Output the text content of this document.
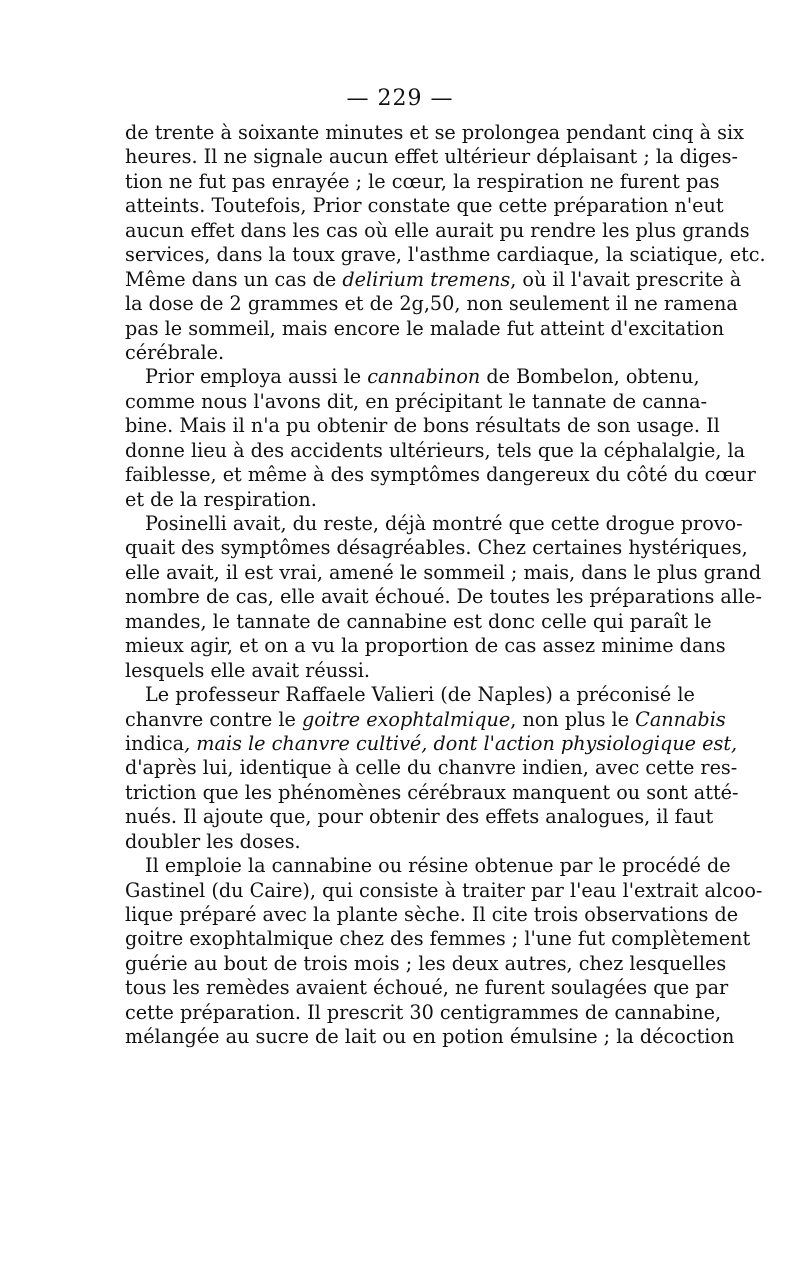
— 229 —
de trente à soixante minutes et se prolongea pendant cinq à six
heures. Il ne signale aucun effet ultérieur déplaisant ; la diges-
tion ne fut pas enrayée ; le cœur, la respiration ne furent pas
atteints. Toutefois, Prior constate que cette préparation n'eut
aucun effet dans les cas où elle aurait pu rendre les plus grands
services, dans la toux grave, l'asthme cardiaque, la sciatique, etc.
Même dans un cas de delirium tremens, où il l'avait prescrite à
la dose de 2 grammes et de 2g,50, non seulement il ne ramena
pas le sommeil, mais encore le malade fut atteint d'excitation
cérébrale.
Prior employa aussi le cannabinon de Bombelon, obtenu,
comme nous l'avons dit, en précipitant le tannate de canna-
bine. Mais il n'a pu obtenir de bons résultats de son usage. Il
donne lieu à des accidents ultérieurs, tels que la céphalalgie, la
faiblesse, et même à des symptômes dangereux du côté du cœur
et de la respiration.
Posinelli avait, du reste, déjà montré que cette drogue provo-
quait des symptômes désagréables. Chez certaines hystériques,
elle avait, il est vrai, amené le sommeil ; mais, dans le plus grand
nombre de cas, elle avait échoué. De toutes les préparations alle-
mandes, le tannate de cannabine est donc celle qui paraît le
mieux agir, et on a vu la proportion de cas assez minime dans
lesquels elle avait réussi.
Le professeur Raffaele Valieri (de Naples) a préconisé le
chanvre contre le goitre exophtalmique, non plus le Cannabis
indica, mais le chanvre cultivé, dont l'action physiologique est,
d'après lui, identique à celle du chanvre indien, avec cette res-
triction que les phénomènes cérébraux manquent ou sont atté-
nués. Il ajoute que, pour obtenir des effets analogues, il faut
doubler les doses.
Il emploie la cannabine ou résine obtenue par le procédé de
Gastinel (du Caire), qui consiste à traiter par l'eau l'extrait alcoo-
lique préparé avec la plante sèche. Il cite trois observations de
goitre exophtalmique chez des femmes ; l'une fut complètement
guérie au bout de trois mois ; les deux autres, chez lesquelles
tous les remèdes avaient échoué, ne furent soulagées que par
cette préparation. Il prescrit 30 centigrammes de cannabine,
mélangée au sucre de lait ou en potion émulsine ; la décoction
